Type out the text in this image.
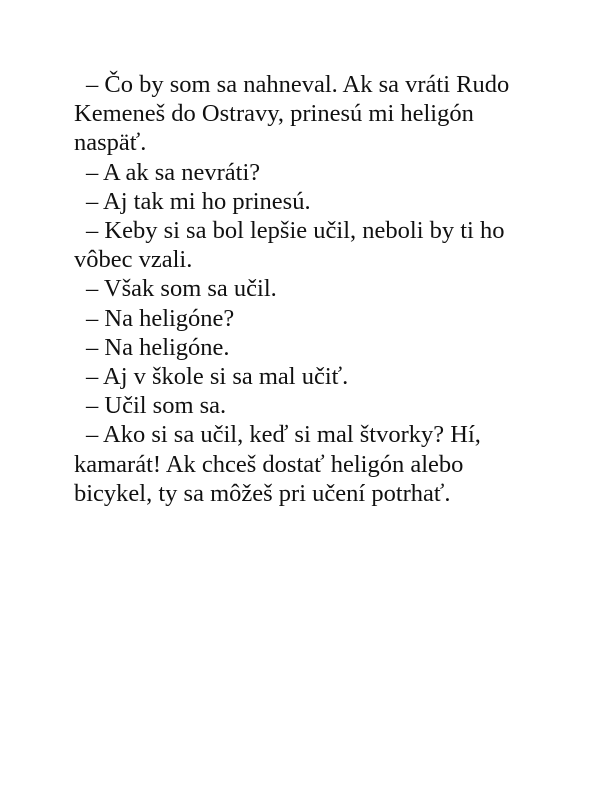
– Čo by som sa nahneval. Ak sa vráti Rudo Kemeneš do Ostravy, prinesú mi heligón naspäť.

– A ak sa nevráti?

– Aj tak mi ho prinesú.

– Keby si sa bol lepšie učil, neboli by ti ho vôbec vzali.

– Však som sa učil.

– Na heligóne?

– Na heligóne.

– Aj v škole si sa mal učiť.

– Učil som sa.

– Ako si sa učil, keď si mal štvorky? Hí, kamarát! Ak chceš dostať heligón alebo bicykel, ty sa môžeš pri učení potrhať.
